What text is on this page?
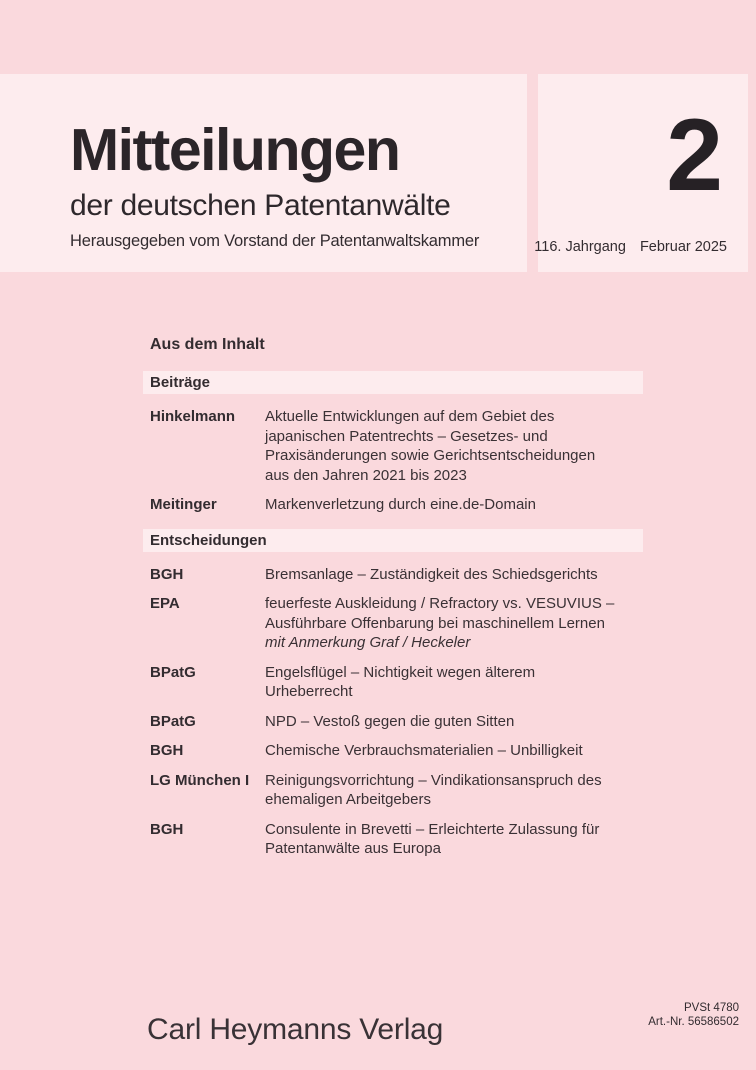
Mitteilungen
der deutschen Patentanwälte
Herausgegeben vom Vorstand der Patentanwaltskammer
2
116. Jahrgang Februar 2025
Aus dem Inhalt
Beiträge
Hinkelmann	Aktuelle Entwicklungen auf dem Gebiet des japanischen Patentrechts – Gesetzes- und Praxisänderungen sowie Gerichtsentscheidungen aus den Jahren 2021 bis 2023
Meitinger	Markenverletzung durch eine.de-Domain
Entscheidungen
BGH	Bremsanlage – Zuständigkeit des Schiedsgerichts
EPA	feuerfeste Auskleidung / Refractory vs. VESUVIUS – Ausführbare Offenbarung bei maschinellem Lernen
mit Anmerkung Graf / Heckeler
BPatG	Engelsflügel – Nichtigkeit wegen älterem Urheberrecht
BPatG	NPD – Vestoß gegen die guten Sitten
BGH	Chemische Verbrauchsmaterialien – Unbilligkeit
LG München I	Reinigungsvorrichtung – Vindikationsanspruch des ehemaligen Arbeitgebers
BGH	Consulente in Brevetti – Erleichterte Zulassung für Patentanwälte aus Europa
Carl Heymanns Verlag
PVSt 4780
Art.-Nr. 56586502
